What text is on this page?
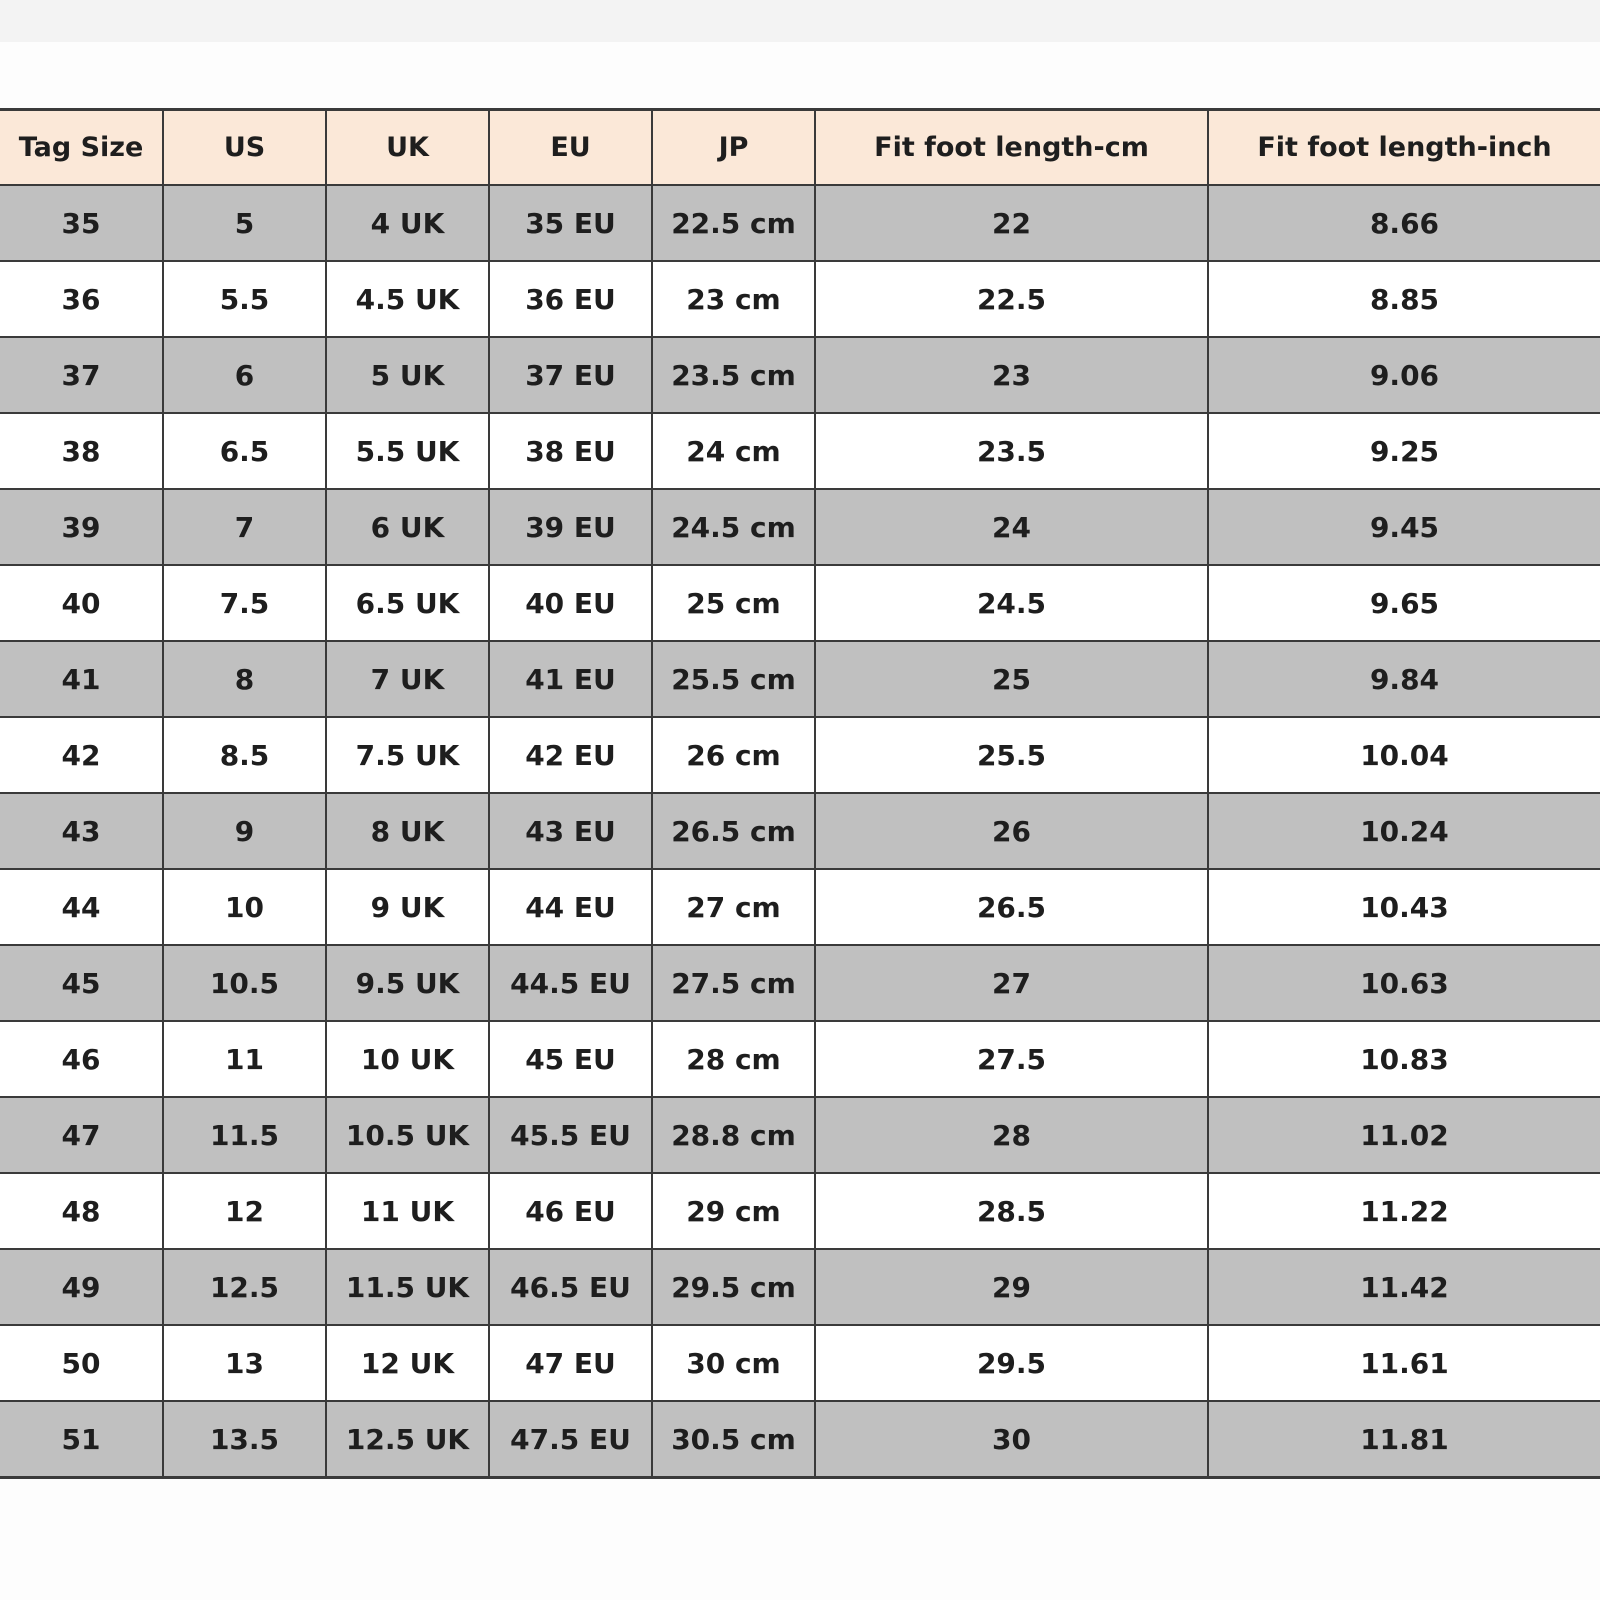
Tag Size	US	UK	EU	JP	Fit foot length-cm	Fit foot length-inch
35	5	4 UK	35 EU	22.5 cm	22	8.66
36	5.5	4.5 UK	36 EU	23 cm	22.5	8.85
37	6	5 UK	37 EU	23.5 cm	23	9.06
38	6.5	5.5 UK	38 EU	24 cm	23.5	9.25
39	7	6 UK	39 EU	24.5 cm	24	9.45
40	7.5	6.5 UK	40 EU	25 cm	24.5	9.65
41	8	7 UK	41 EU	25.5 cm	25	9.84
42	8.5	7.5 UK	42 EU	26 cm	25.5	10.04
43	9	8 UK	43 EU	26.5 cm	26	10.24
44	10	9 UK	44 EU	27 cm	26.5	10.43
45	10.5	9.5 UK	44.5 EU	27.5 cm	27	10.63
46	11	10 UK	45 EU	28 cm	27.5	10.83
47	11.5	10.5 UK	45.5 EU	28.8 cm	28	11.02
48	12	11 UK	46 EU	29 cm	28.5	11.22
49	12.5	11.5 UK	46.5 EU	29.5 cm	29	11.42
50	13	12 UK	47 EU	30 cm	29.5	11.61
51	13.5	12.5 UK	47.5 EU	30.5 cm	30	11.81
